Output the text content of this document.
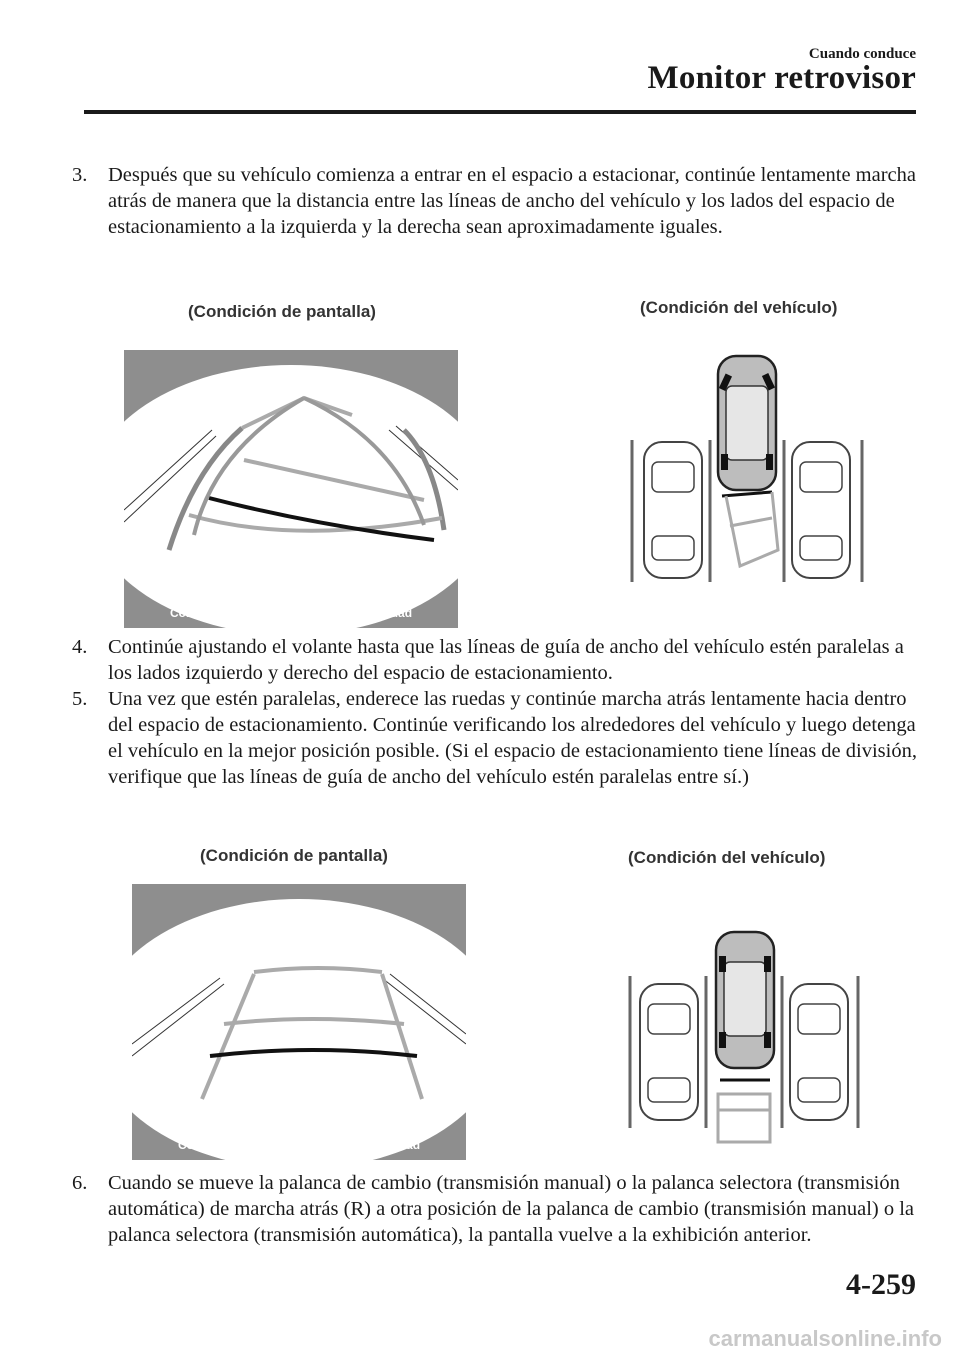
Cuando conduce
Monitor retrovisor
3.	Después que su vehículo comienza a entrar en el espacio a estacionar, continúe lentamente marcha atrás de manera que la distancia entre las líneas de ancho del vehículo y los lados del espacio de estacionamiento a la izquierda y la derecha sean aproximadamente iguales.
(Condición de pantalla)	(Condición del vehículo)
Compruebe los alrededores por seguridad
4.	Continúe ajustando el volante hasta que las líneas de guía de ancho del vehículo estén paralelas a los lados izquierdo y derecho del espacio de estacionamiento.
5.	Una vez que estén paralelas, enderece las ruedas y continúe marcha atrás lentamente hacia dentro del espacio de estacionamiento. Continúe verificando los alrededores del vehículo y luego detenga el vehículo en la mejor posición posible. (Si el espacio de estacionamiento tiene líneas de división, verifique que las líneas de guía de ancho del vehículo estén paralelas entre sí.)
(Condición de pantalla)	(Condición del vehículo)
Compruebe los alrededores por seguridad
6.	Cuando se mueve la palanca de cambio (transmisión manual) o la palanca selectora (transmisión automática) de marcha atrás (R) a otra posición de la palanca de cambio (transmisión manual) o la palanca selectora (transmisión automática), la pantalla vuelve a la exhibición anterior.
4-259
carmanualsonline.info
